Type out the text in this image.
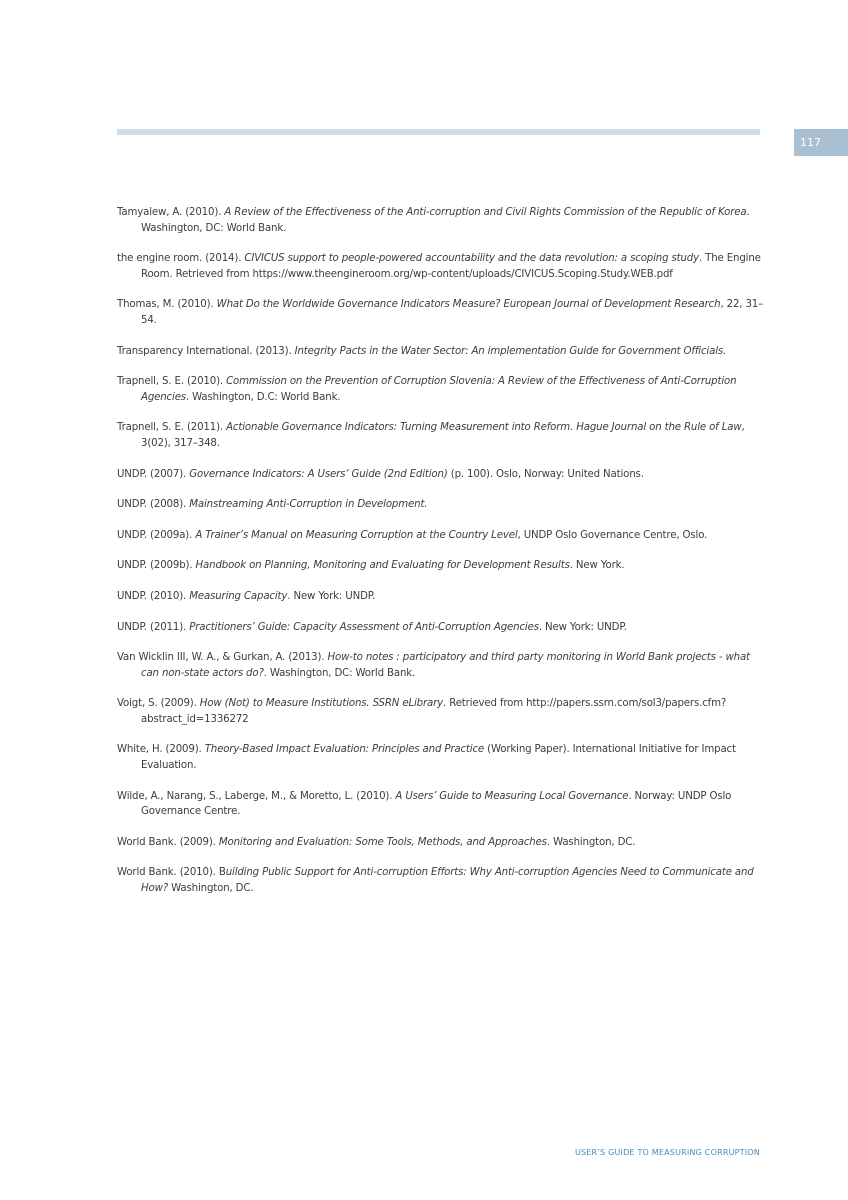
117
Tamyalew, A. (2010). A Review of the Effectiveness of the Anti-corruption and Civil Rights Commission of the Republic of Korea. Washington, DC: World Bank.
the engine room. (2014). CIVICUS support to people-powered accountability and the data revolution: a scoping study. The Engine Room. Retrieved from https://www.theengineroom.org/wp-content/uploads/CIVICUS.Scoping.Study.WEB.pdf
Thomas, M. (2010). What Do the Worldwide Governance Indicators Measure? European Journal of Development Research, 22, 31–54.
Transparency International. (2013). Integrity Pacts in the Water Sector: An implementation Guide for Government Officials.
Trapnell, S. E. (2010). Commission on the Prevention of Corruption Slovenia: A Review of the Effectiveness of Anti-Corruption Agencies. Washington, D.C: World Bank.
Trapnell, S. E. (2011). Actionable Governance Indicators: Turning Measurement into Reform. Hague Journal on the Rule of Law, 3(02), 317–348.
UNDP. (2007). Governance Indicators: A Users’ Guide (2nd Edition) (p. 100). Oslo, Norway: United Nations.
UNDP. (2008). Mainstreaming Anti-Corruption in Development.
UNDP. (2009a). A Trainer’s Manual on Measuring Corruption at the Country Level, UNDP Oslo Governance Centre, Oslo.
UNDP. (2009b). Handbook on Planning, Monitoring and Evaluating for Development Results. New York.
UNDP. (2010). Measuring Capacity. New York: UNDP.
UNDP. (2011). Practitioners’ Guide: Capacity Assessment of Anti-Corruption Agencies. New York: UNDP.
Van Wicklin III, W. A., & Gurkan, A. (2013). How-to notes : participatory and third party monitoring in World Bank projects - what can non-state actors do?. Washington, DC: World Bank.
Voigt, S. (2009). How (Not) to Measure Institutions. SSRN eLibrary. Retrieved from http://papers.ssrn.com/sol3/papers.cfm?abstract_id=1336272
White, H. (2009). Theory-Based Impact Evaluation: Principles and Practice (Working Paper). International Initiative for Impact Evaluation.
Wilde, A., Narang, S., Laberge, M., & Moretto, L. (2010). A Users’ Guide to Measuring Local Governance. Norway: UNDP Oslo Governance Centre.
World Bank. (2009). Monitoring and Evaluation: Some Tools, Methods, and Approaches. Washington, DC.
World Bank. (2010). Building Public Support for Anti-corruption Efforts: Why Anti-corruption Agencies Need to Communicate and How? Washington, DC.
USER’S GUIDE TO MEASURING CORRUPTION
